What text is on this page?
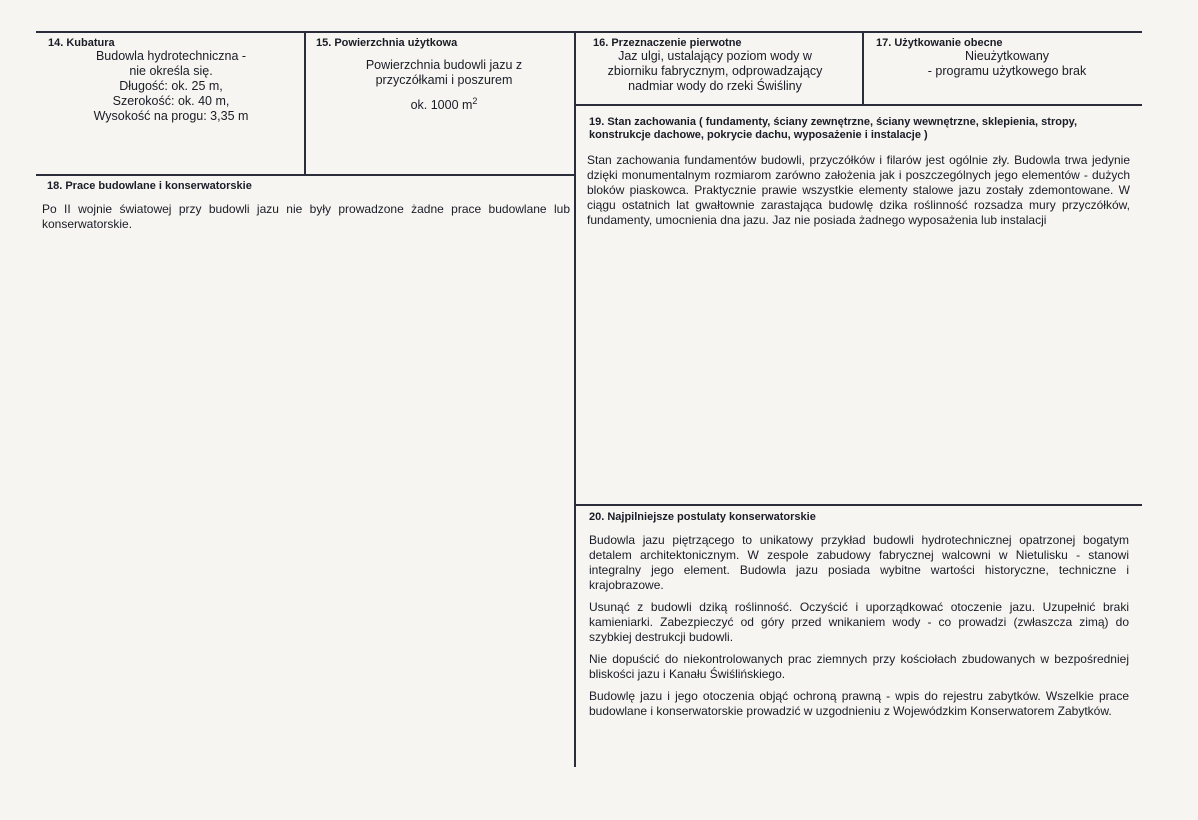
14. Kubatura
Budowla hydrotechniczna -
nie określa się.
Długość: ok. 25 m,
Szerokość: ok. 40 m,
Wysokość na progu: 3,35 m
15. Powierzchnia użytkowa
Powierzchnia budowli jazu z
przyczółkami i poszurem
ok. 1000 $m^2$
16. Przeznaczenie pierwotne
Jaz ulgi, ustalający poziom wody w
zbiorniku fabrycznym, odprowadzający
nadmiar wody do rzeki Świśliny
17. Użytkowanie obecne
Nieużytkowany
- programu użytkowego brak
18. Prace budowlane i konserwatorskie
Po II wojnie światowej przy budowli jazu nie były prowadzone żadne prace budowlane lub konserwatorskie.
19. Stan zachowania ( fundamenty, ściany zewnętrzne, ściany wewnętrzne, sklepienia, stropy,
konstrukcje dachowe, pokrycie dachu, wyposażenie i instalacje )
Stan zachowania fundamentów budowli, przyczółków i filarów jest ogólnie zły. Budowla trwa jedynie dzięki monumentalnym rozmiarom zarówno założenia jak i poszczególnych jego elementów - dużych bloków piaskowca. Praktycznie prawie wszystkie elementy stalowe jazu zostały zdemontowane. W ciągu ostatnich lat gwałtownie zarastająca budowlę dzika roślinność rozsadza mury przyczółków, fundamenty, umocnienia dna jazu. Jaz nie posiada żadnego wyposażenia lub instalacji
20. Najpilniejsze postulaty konserwatorskie

Budowla jazu piętrzącego to unikatowy przykład budowli hydrotechnicznej opatrzonej bogatym detalem architektonicznym. W zespole zabudowy fabrycznej walcowni w Nietulisku - stanowi integralny jego element. Budowla jazu posiada wybitne wartości historyczne, techniczne i krajobrazowe.

Usunąć z budowli dziką roślinność. Oczyścić i uporządkować otoczenie jazu. Uzupełnić braki kamieniarki. Zabezpieczyć od góry przed wnikaniem wody - co prowadzi (zwłaszcza zimą) do szybkiej destrukcji budowli.

Nie dopuścić do niekontrolowanych prac ziemnych przy kościołach zbudowanych w bezpośredniej bliskości jazu i Kanału Świślińskiego.

Budowlę jazu i jego otoczenia objąć ochroną prawną - wpis do rejestru zabytków. Wszelkie prace budowlane i konserwatorskie prowadzić w uzgodnieniu z Wojewódzkim Konserwatorem Zabytków.
